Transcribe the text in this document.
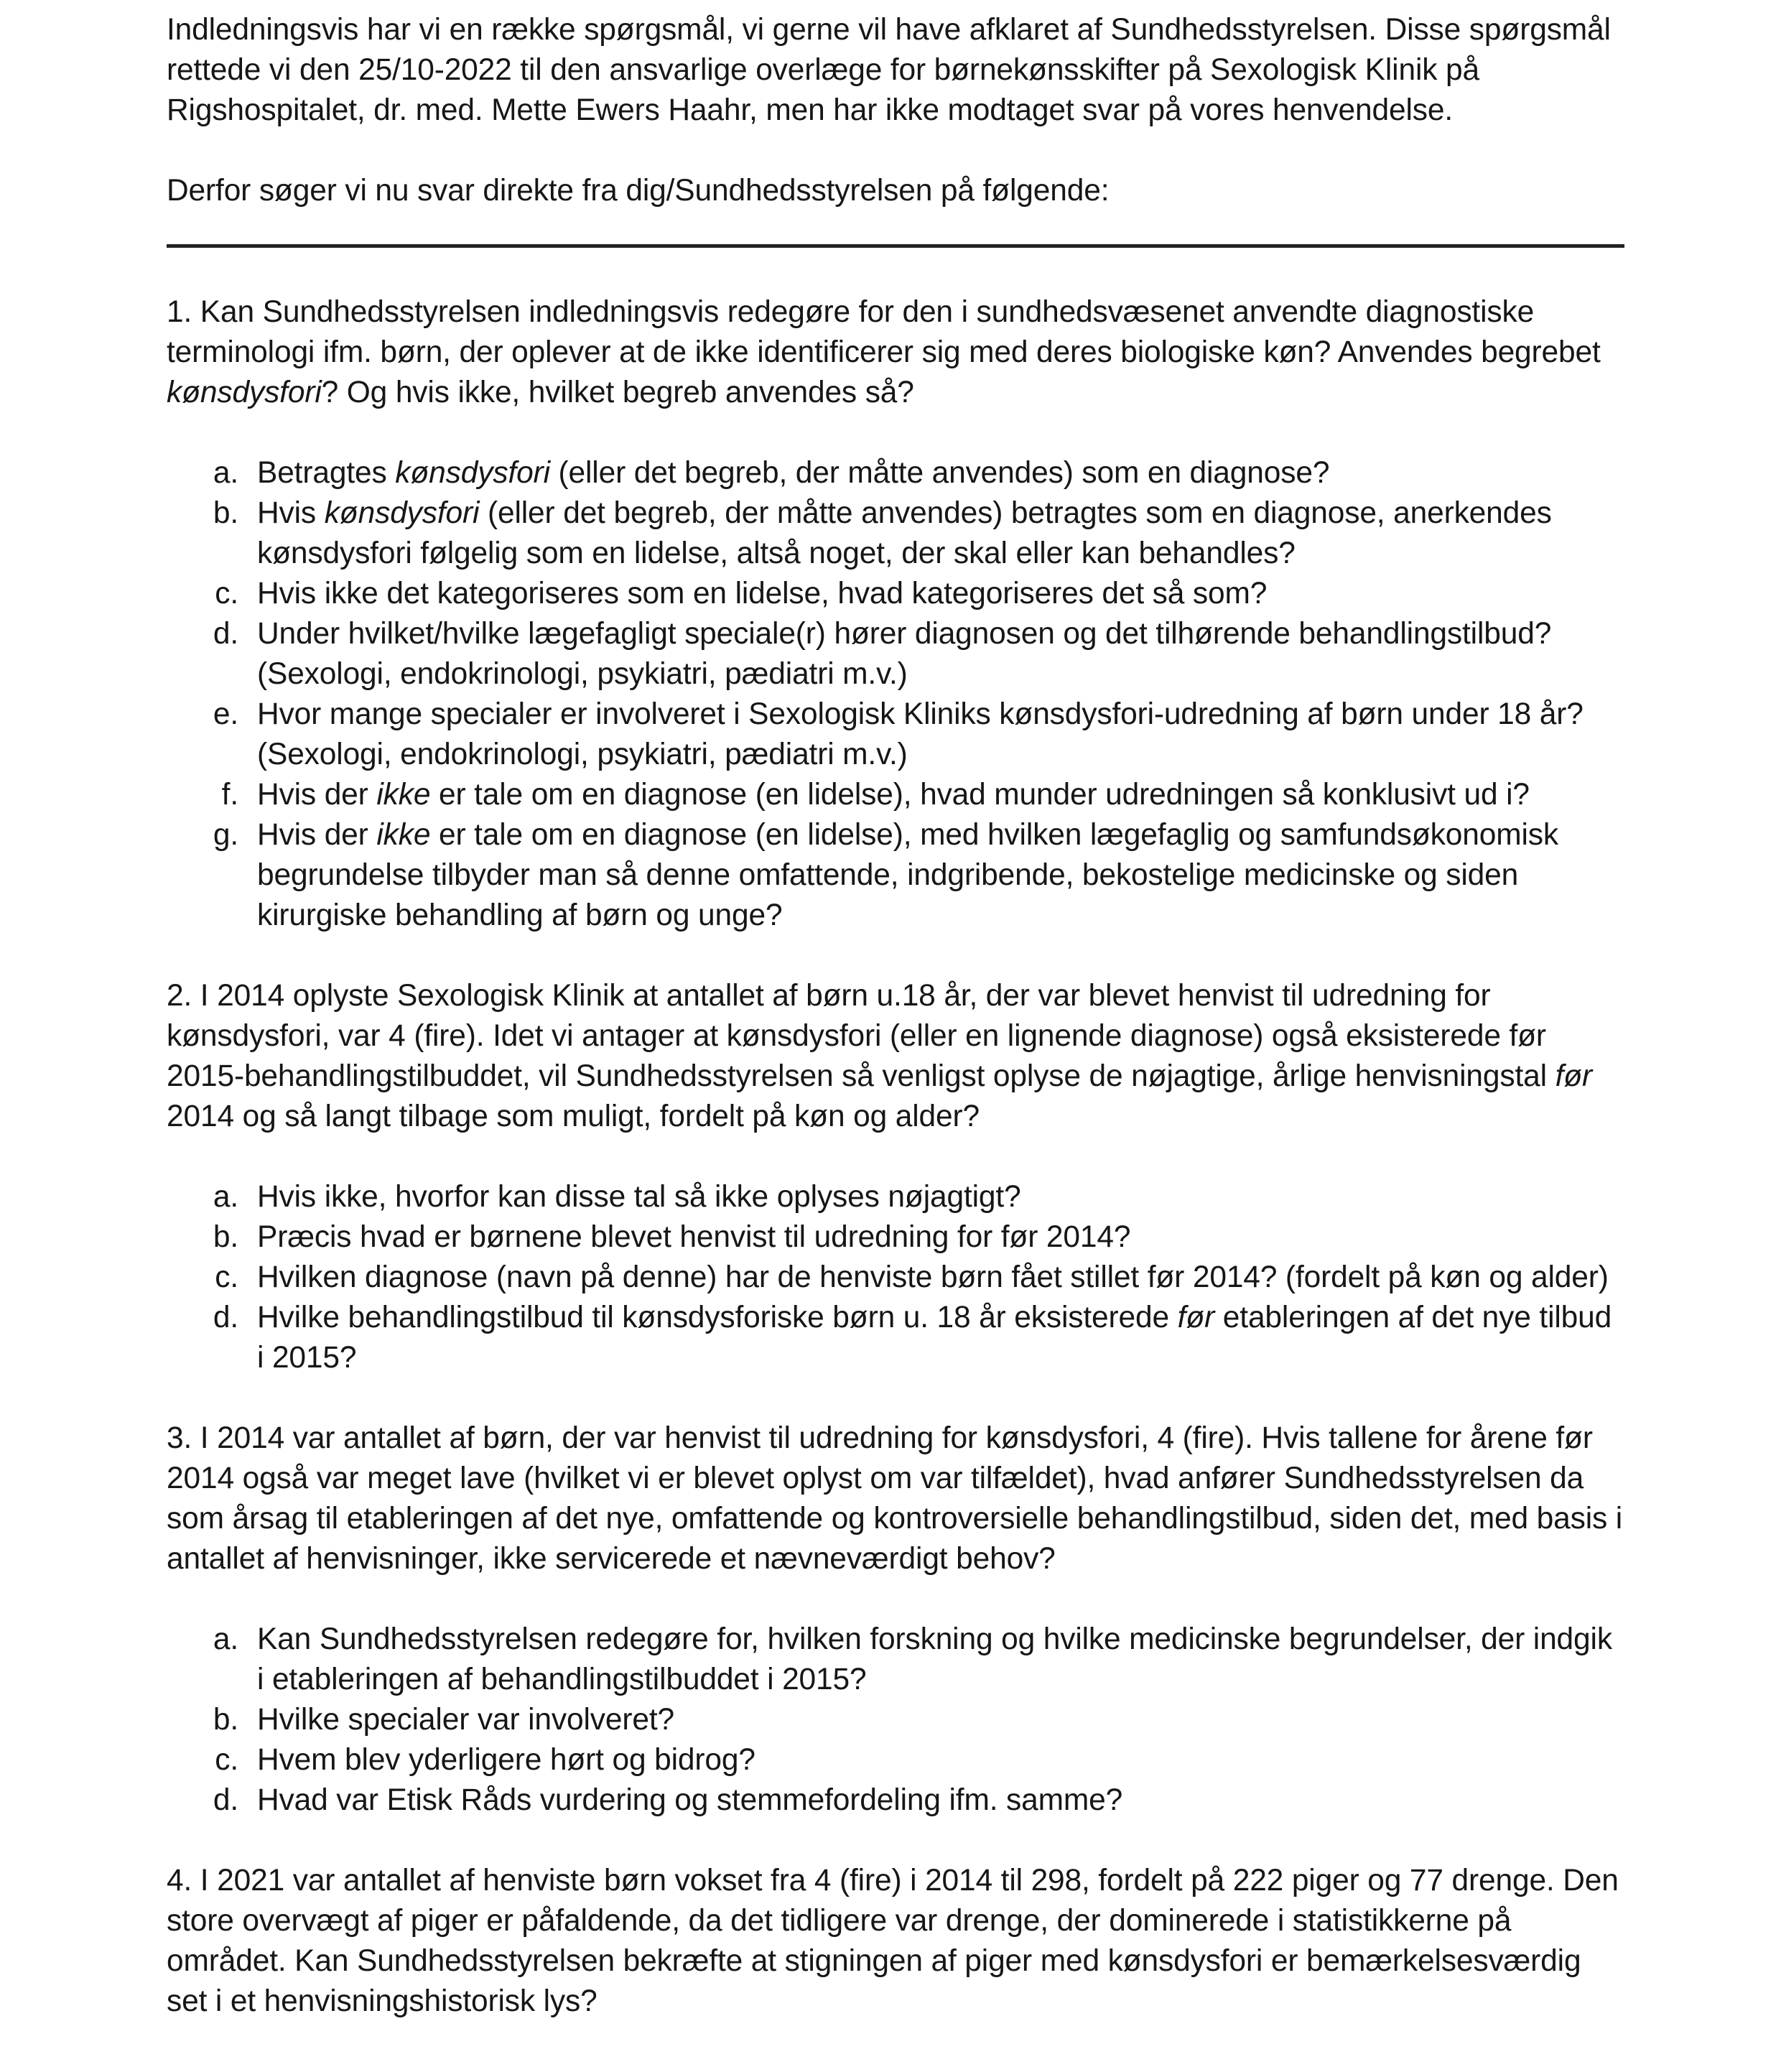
Indledningsvis har vi en række spørgsmål, vi gerne vil have afklaret af Sundhedsstyrelsen. Disse spørgsmål rettede vi den 25/10-2022 til den ansvarlige overlæge for børnekønsskifter på Sexologisk Klinik på Rigshospitalet, dr. med. Mette Ewers Haahr, men har ikke modtaget svar på vores henvendelse.

Derfor søger vi nu svar direkte fra dig/Sundhedsstyrelsen på følgende:

1. Kan Sundhedsstyrelsen indledningsvis redegøre for den i sundhedsvæsenet anvendte diagnostiske terminologi ifm. børn, der oplever at de ikke identificerer sig med deres biologiske køn? Anvendes begrebet kønsdysfori? Og hvis ikke, hvilket begreb anvendes så?

a. Betragtes kønsdysfori (eller det begreb, der måtte anvendes) som en diagnose?
b. Hvis kønsdysfori (eller det begreb, der måtte anvendes) betragtes som en diagnose, anerkendes kønsdysfori følgelig som en lidelse, altså noget, der skal eller kan behandles?
c. Hvis ikke det kategoriseres som en lidelse, hvad kategoriseres det så som?
d. Under hvilket/hvilke lægefagligt speciale(r) hører diagnosen og det tilhørende behandlingstilbud? (Sexologi, endokrinologi, psykiatri, pædiatri m.v.)
e. Hvor mange specialer er involveret i Sexologisk Kliniks kønsdysfori-udredning af børn under 18 år? (Sexologi, endokrinologi, psykiatri, pædiatri m.v.)
f. Hvis der ikke er tale om en diagnose (en lidelse), hvad munder udredningen så konklusivt ud i?
g. Hvis der ikke er tale om en diagnose (en lidelse), med hvilken lægefaglig og samfundsøkonomisk begrundelse tilbyder man så denne omfattende, indgribende, bekostelige medicinske og siden kirurgiske behandling af børn og unge?

2. I 2014 oplyste Sexologisk Klinik at antallet af børn u.18 år, der var blevet henvist til udredning for kønsdysfori, var 4 (fire). Idet vi antager at kønsdysfori (eller en lignende diagnose) også eksisterede før 2015-behandlingstilbuddet, vil Sundhedsstyrelsen så venligst oplyse de nøjagtige, årlige henvisningstal før 2014 og så langt tilbage som muligt, fordelt på køn og alder?

a. Hvis ikke, hvorfor kan disse tal så ikke oplyses nøjagtigt?
b. Præcis hvad er børnene blevet henvist til udredning for før 2014?
c. Hvilken diagnose (navn på denne) har de henviste børn fået stillet før 2014? (fordelt på køn og alder)
d. Hvilke behandlingstilbud til kønsdysforiske børn u. 18 år eksisterede før etableringen af det nye tilbud i 2015?

3. I 2014 var antallet af børn, der var henvist til udredning for kønsdysfori, 4 (fire). Hvis tallene for årene før 2014 også var meget lave (hvilket vi er blevet oplyst om var tilfældet), hvad anfører Sundhedsstyrelsen da som årsag til etableringen af det nye, omfattende og kontroversielle behandlingstilbud, siden det, med basis i antallet af henvisninger, ikke servicerede et nævneværdigt behov?

a. Kan Sundhedsstyrelsen redegøre for, hvilken forskning og hvilke medicinske begrundelser, der indgik i etableringen af behandlingstilbuddet i 2015?
b. Hvilke specialer var involveret?
c. Hvem blev yderligere hørt og bidrog?
d. Hvad var Etisk Råds vurdering og stemmefordeling ifm. samme?

4. I 2021 var antallet af henviste børn vokset fra 4 (fire) i 2014 til 298, fordelt på 222 piger og 77 drenge. Den store overvægt af piger er påfaldende, da det tidligere var drenge, der dominerede i statistikkerne på området. Kan Sundhedsstyrelsen bekræfte at stigningen af piger med kønsdysfori er bemærkelsesværdig set i et henvisningshistorisk lys?
